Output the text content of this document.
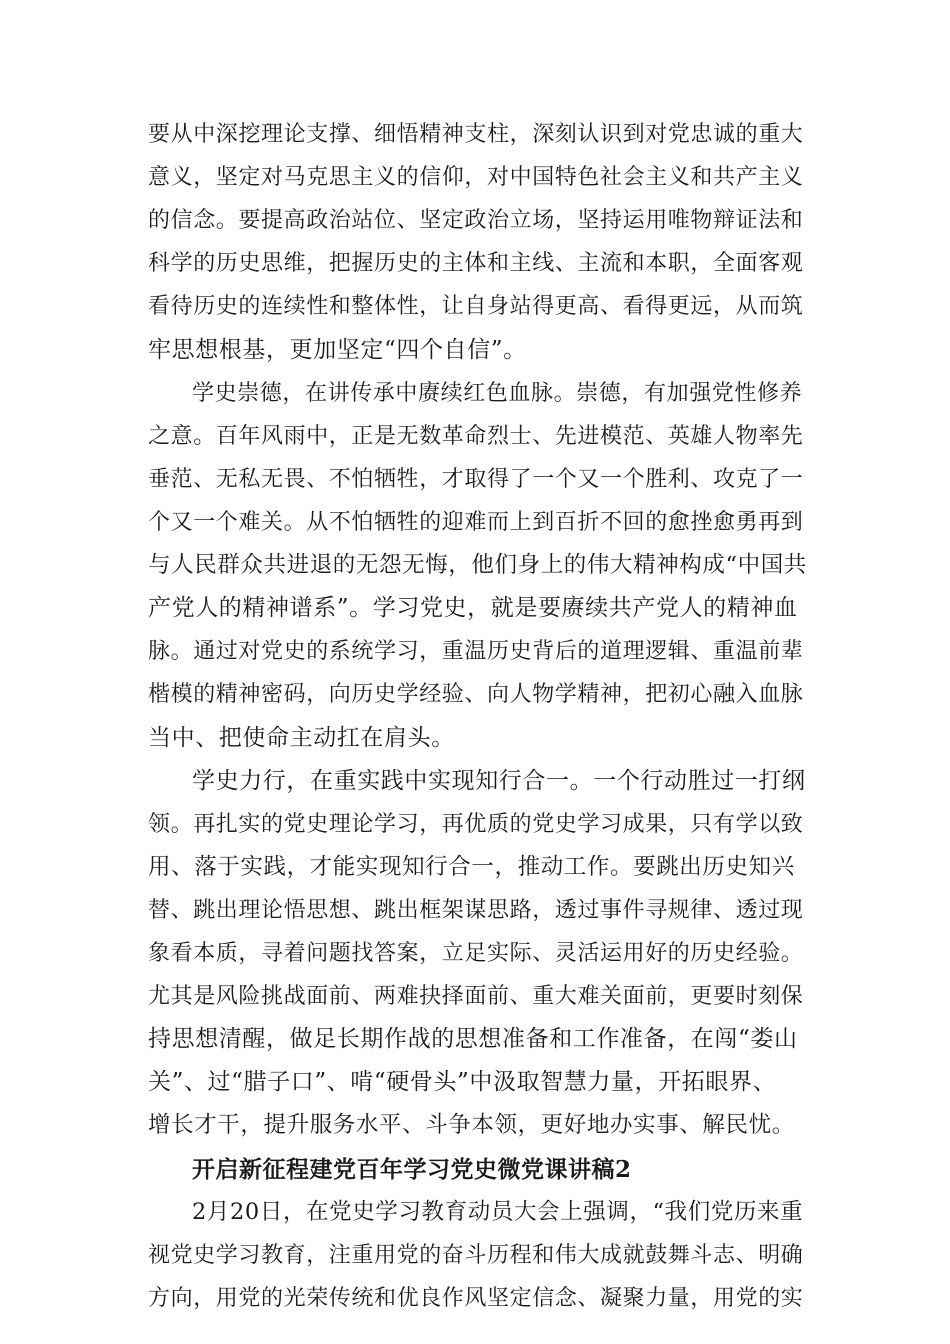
要从中深挖理论支撑、细悟精神支柱，深刻认识到对党忠诚的重大
意义，坚定对马克思主义的信仰，对中国特色社会主义和共产主义
的信念。要提高政治站位、坚定政治立场，坚持运用唯物辩证法和
科学的历史思维，把握历史的主体和主线、主流和本职，全面客观
看待历史的连续性和整体性，让自身站得更高、看得更远，从而筑
牢思想根基，更加坚定“四个自信”。
学史崇德，在讲传承中赓续红色血脉。崇德，有加强党性修养
之意。百年风雨中，正是无数革命烈士、先进模范、英雄人物率先
垂范、无私无畏、不怕牺牲，才取得了一个又一个胜利、攻克了一
个又一个难关。从不怕牺牲的迎难而上到百折不回的愈挫愈勇再到
与人民群众共进退的无怨无悔，他们身上的伟大精神构成“中国共
产党人的精神谱系”。学习党史，就是要赓续共产党人的精神血
脉。通过对党史的系统学习，重温历史背后的道理逻辑、重温前辈
楷模的精神密码，向历史学经验、向人物学精神，把初心融入血脉
当中、把使命主动扛在肩头。
学史力行，在重实践中实现知行合一。一个行动胜过一打纲
领。再扎实的党史理论学习，再优质的党史学习成果，只有学以致
用、落于实践，才能实现知行合一，推动工作。要跳出历史知兴
替、跳出理论悟思想、跳出框架谋思路，透过事件寻规律、透过现
象看本质，寻着问题找答案，立足实际、灵活运用好的历史经验。
尤其是风险挑战面前、两难抉择面前、重大难关面前，更要时刻保
持思想清醒，做足长期作战的思想准备和工作准备，在闯“娄山
关”、过“腊子口”、啃“硬骨头”中汲取智慧力量，开拓眼界、
增长才干，提升服务水平、斗争本领，更好地办实事、解民忧。
开启新征程建党百年学习党史微党课讲稿2
2月20日，在党史学习教育动员大会上强调，“我们党历来重
视党史学习教育，注重用党的奋斗历程和伟大成就鼓舞斗志、明确
方向，用党的光荣传统和优良作风坚定信念、凝聚力量，用党的实
